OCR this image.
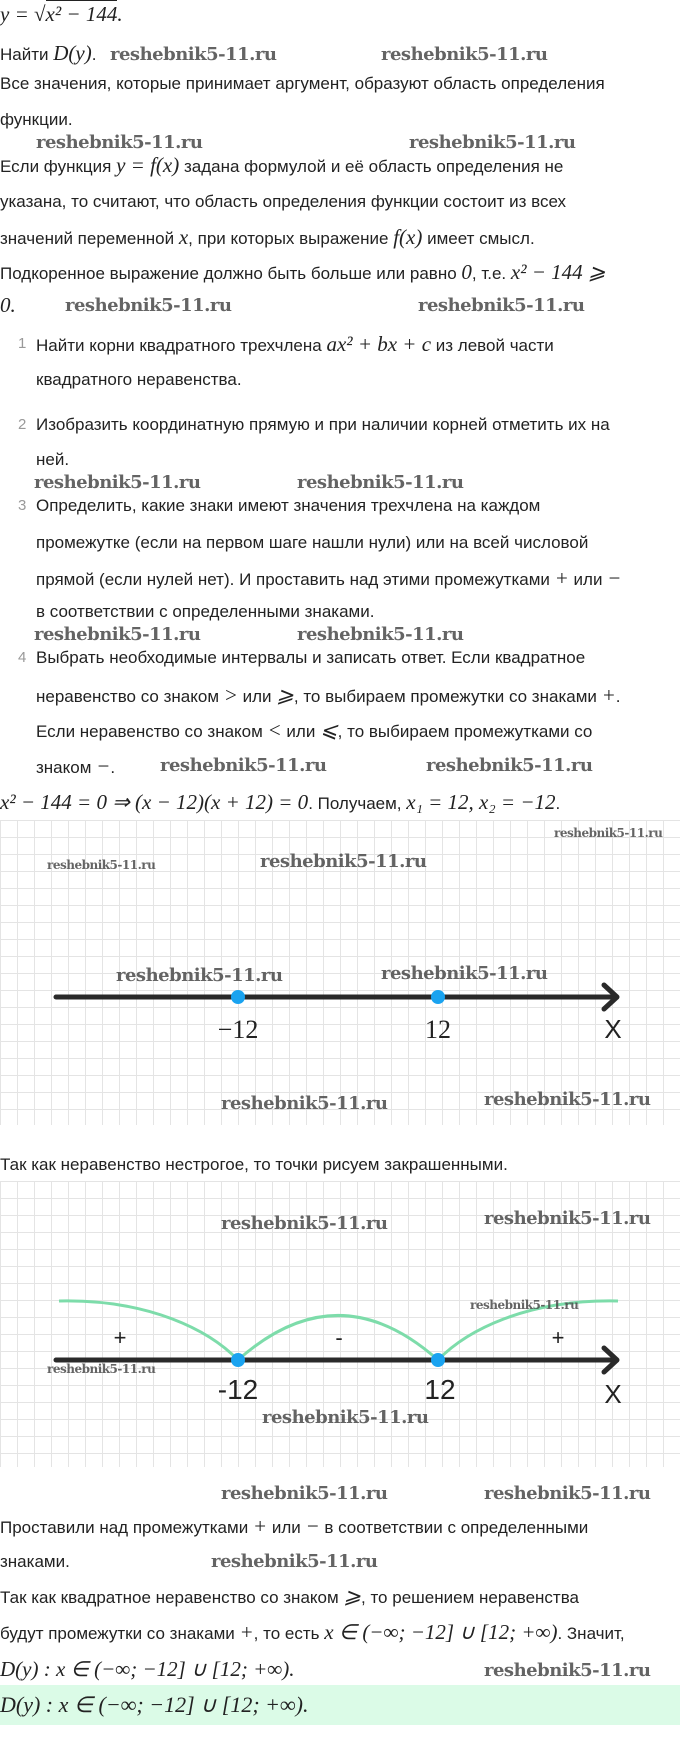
y = √x² − 144.
Найти D(y).
Все значения, которые принимает аргумент, образуют область определения
функции.
Если функция y = f(x) задана формулой и её область определения не
указана, то считают, что область определения функции состоит из всех
значений переменной x, при которых выражение f(x) имеет смысл.
Подкоренное выражение должно быть больше или равно 0, т.е. x² − 144 ⩾
0.
1 Найти корни квадратного трехчлена ax² + bx + c из левой части
квадратного неравенства.
2 Изобразить координатную прямую и при наличии корней отметить их на
ней.
3 Определить, какие знаки имеют значения трехчлена на каждом
промежутке (если на первом шаге нашли нули) или на всей числовой
прямой (если нулей нет). И проставить над этими промежутками + или −
в соответствии с определенными знаками.
4 Выбрать необходимые интервалы и записать ответ. Если квадратное
неравенство со знаком > или ⩾, то выбираем промежутки со знаками +.
Если неравенство со знаком < или ⩽, то выбираем промежутками со
знаком −.
x² − 144 = 0 ⇒ (x − 12)(x + 12) = 0. Получаем, x₁ = 12, x₂ = −12.
−12	12	X
Так как неравенство нестрогое, то точки рисуем закрашенными.
+	-	+
-12	12	X
Проставили над промежутками + или − в соответствии с определенными
знаками.
Так как квадратное неравенство со знаком ⩾, то решением неравенства
будут промежутки со знаками +, то есть x ∈ (−∞; −12] ∪ [12; +∞). Значит,
D(y) : x ∈ (−∞; −12] ∪ [12; +∞).
D(y) : x ∈ (−∞; −12] ∪ [12; +∞).
reshebnik5-11.ru	reshebnik5-11.ru
reshebnik5-11.ru	reshebnik5-11.ru
reshebnik5-11.ru	reshebnik5-11.ru
reshebnik5-11.ru	reshebnik5-11.ru
reshebnik5-11.ru	reshebnik5-11.ru
reshebnik5-11.ru	reshebnik5-11.ru
reshebnik5-11.ru
reshebnik5-11.ru	reshebnik5-11.ru
reshebnik5-11.ru	reshebnik5-11.ru
reshebnik5-11.ru	reshebnik5-11.ru
reshebnik5-11.ru	reshebnik5-11.ru
reshebnik5-11.ru
reshebnik5-11.ru
reshebnik5-11.ru
reshebnik5-11.ru	reshebnik5-11.ru
reshebnik5-11.ru
reshebnik5-11.ru
